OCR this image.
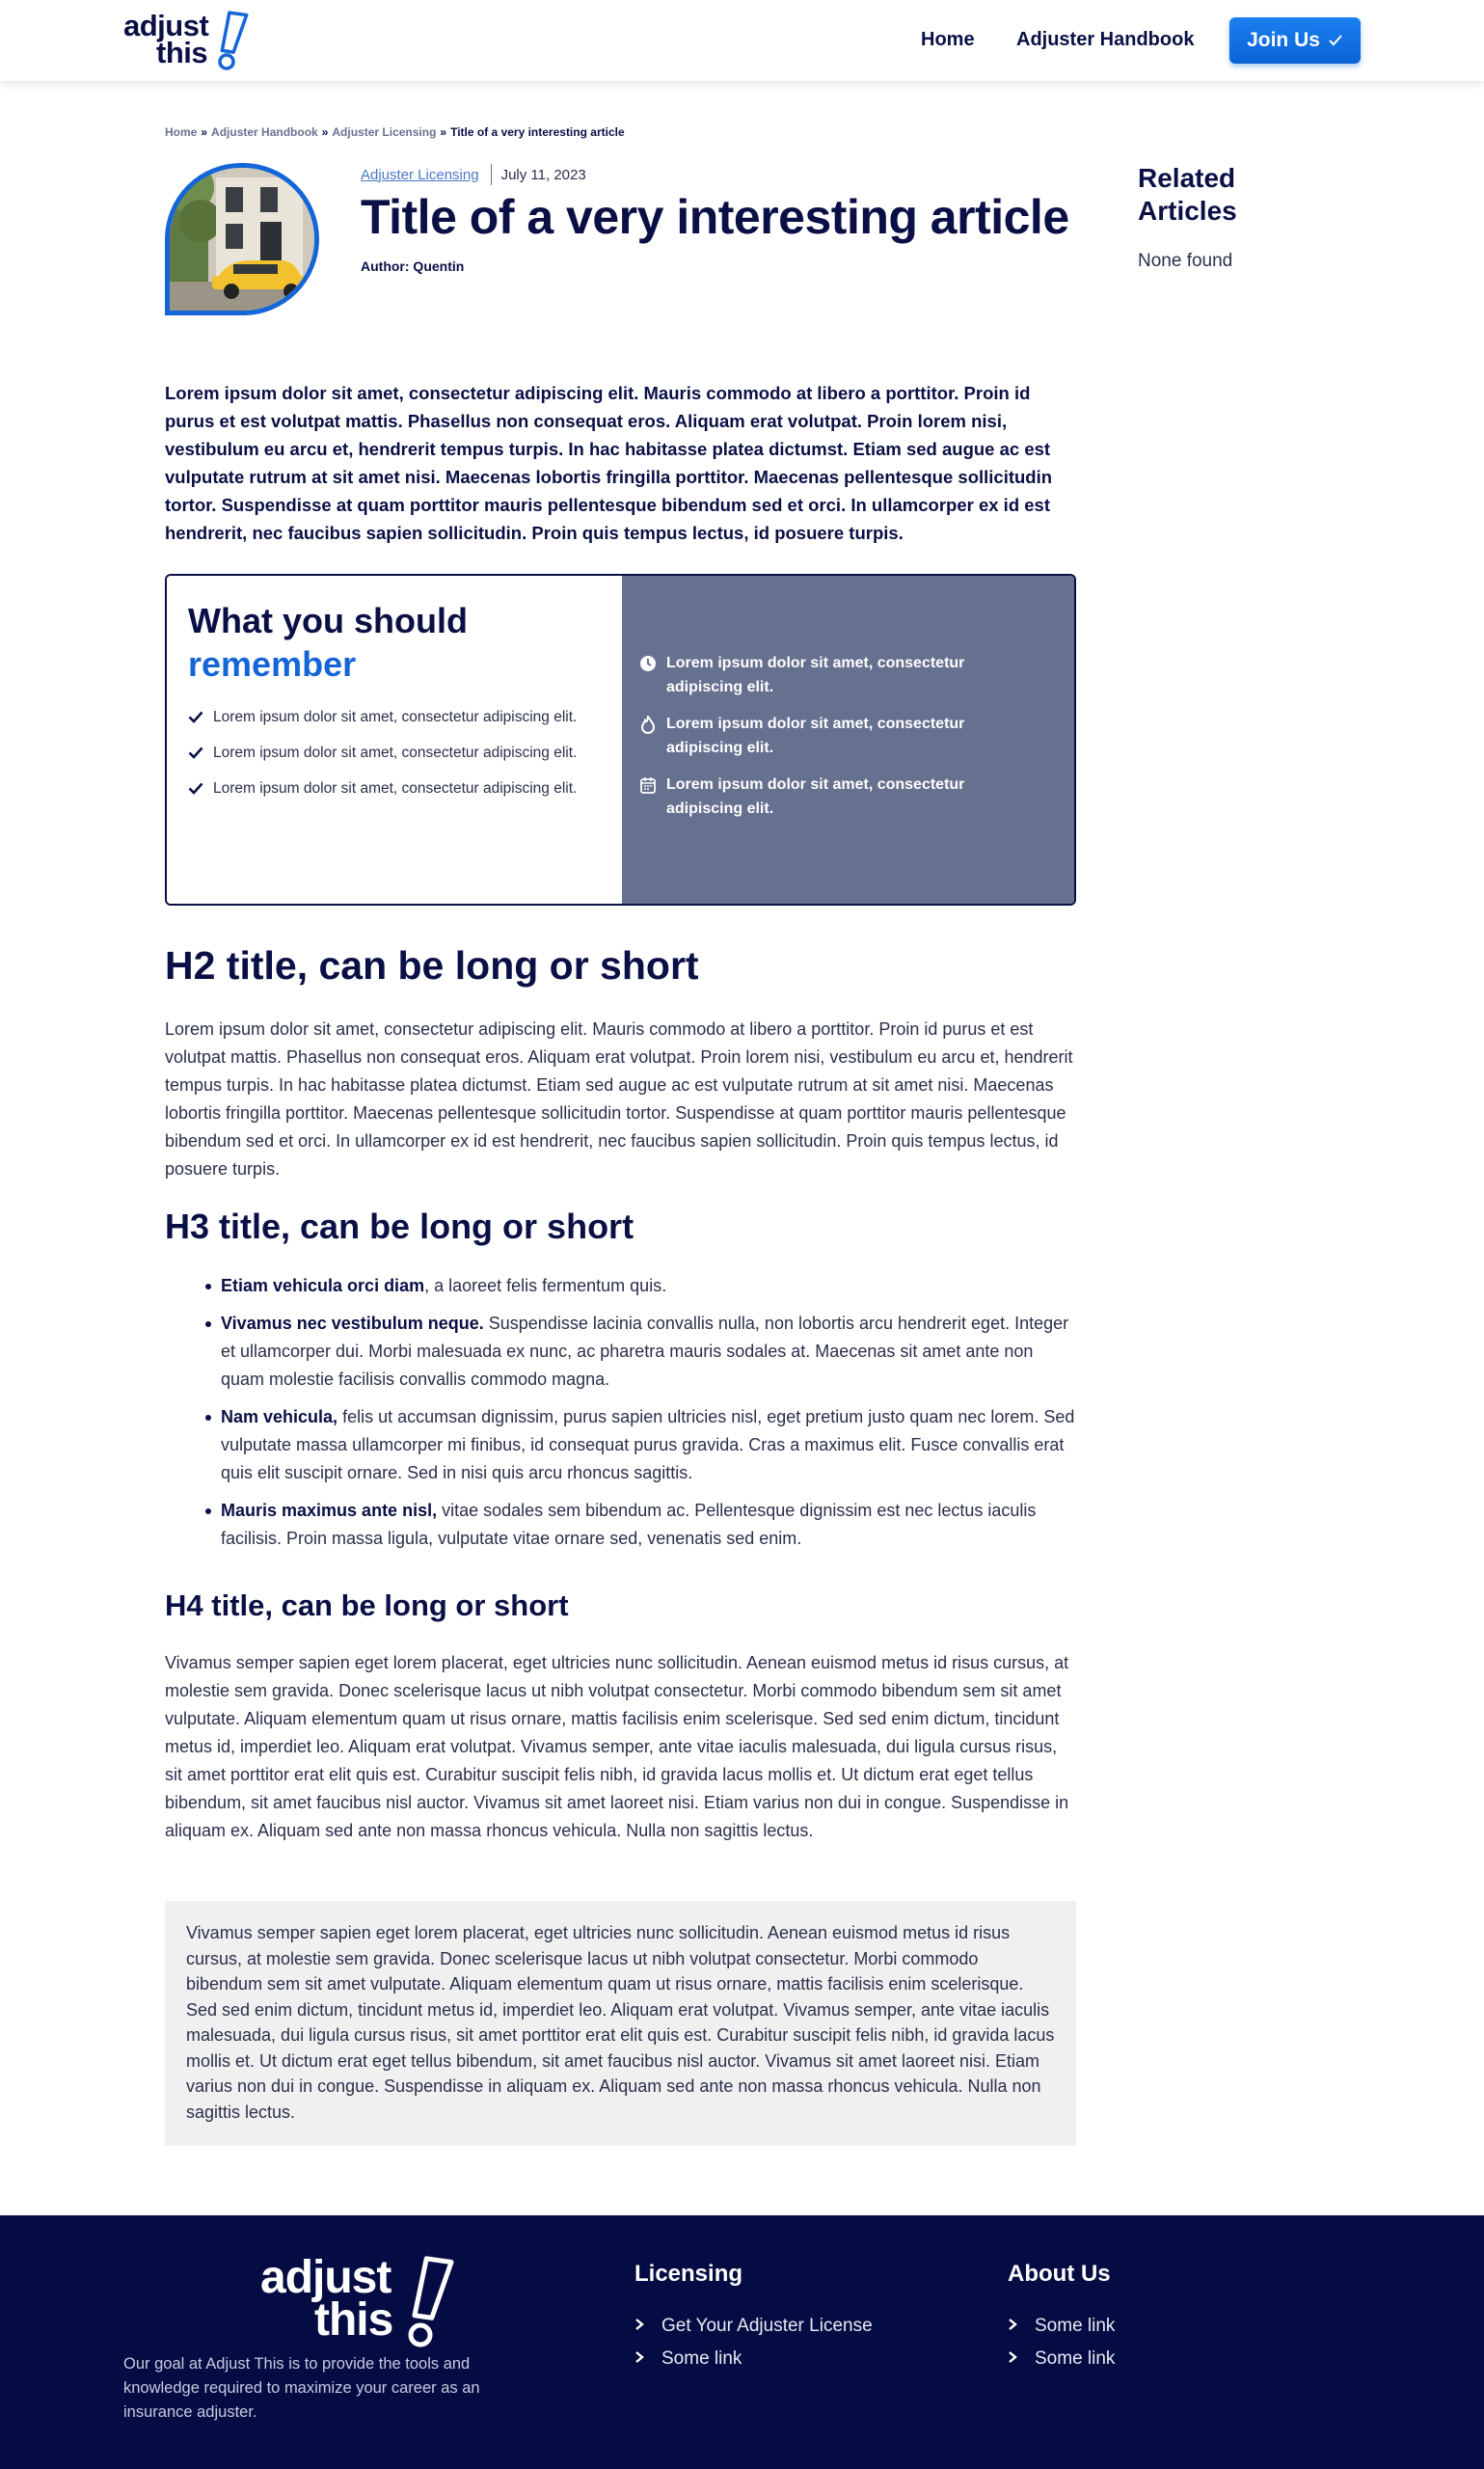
adjust
this	Home Adjuster Handbook	Join Us
Home » Adjuster Handbook » Adjuster Licensing » Title of a very interesting article
Adjuster Licensing July 11, 2023
Title of a very interesting article
Author: Quentin
Related Articles
None found

Lorem ipsum dolor sit amet, consectetur adipiscing elit. Mauris commodo at libero a porttitor. Proin id purus et est volutpat mattis. Phasellus non consequat eros. Aliquam erat volutpat. Proin lorem nisi, vestibulum eu arcu et, hendrerit tempus turpis. In hac habitasse platea dictumst. Etiam sed augue ac est vulputate rutrum at sit amet nisi. Maecenas lobortis fringilla porttitor. Maecenas pellentesque sollicitudin tortor. Suspendisse at quam porttitor mauris pellentesque bibendum sed et orci. In ullamcorper ex id est hendrerit, nec faucibus sapien sollicitudin. Proin quis tempus lectus, id posuere turpis.

What you should
remember
Lorem ipsum dolor sit amet, consectetur adipiscing elit.
Lorem ipsum dolor sit amet, consectetur adipiscing elit.
Lorem ipsum dolor sit amet, consectetur adipiscing elit.
Lorem ipsum dolor sit amet, consectetur adipiscing elit.
Lorem ipsum dolor sit amet, consectetur adipiscing elit.
Lorem ipsum dolor sit amet, consectetur adipiscing elit.
H2 title, can be long or short

Lorem ipsum dolor sit amet, consectetur adipiscing elit. Mauris commodo at libero a porttitor. Proin id purus et est volutpat mattis. Phasellus non consequat eros. Aliquam erat volutpat. Proin lorem nisi, vestibulum eu arcu et, hendrerit tempus turpis. In hac habitasse platea dictumst. Etiam sed augue ac est vulputate rutrum at sit amet nisi. Maecenas lobortis fringilla porttitor. Maecenas pellentesque sollicitudin tortor. Suspendisse at quam porttitor mauris pellentesque bibendum sed et orci. In ullamcorper ex id est hendrerit, nec faucibus sapien sollicitudin. Proin quis tempus lectus, id posuere turpis.

H3 title, can be long or short
Etiam vehicula orci diam, a laoreet felis fermentum quis.
Vivamus nec vestibulum neque. Suspendisse lacinia convallis nulla, non lobortis arcu hendrerit eget. Integer et ullamcorper dui. Morbi malesuada ex nunc, ac pharetra mauris sodales at. Maecenas sit amet ante non quam molestie facilisis convallis commodo magna.
Nam vehicula, felis ut accumsan dignissim, purus sapien ultricies nisl, eget pretium justo quam nec lorem. Sed vulputate massa ullamcorper mi finibus, id consequat purus gravida. Cras a maximus elit. Fusce convallis erat quis elit suscipit ornare. Sed in nisi quis arcu rhoncus sagittis.
Mauris maximus ante nisl, vitae sodales sem bibendum ac. Pellentesque dignissim est nec lectus iaculis facilisis. Proin massa ligula, vulputate vitae ornare sed, venenatis sed enim.
H4 title, can be long or short

Vivamus semper sapien eget lorem placerat, eget ultricies nunc sollicitudin. Aenean euismod metus id risus cursus, at molestie sem gravida. Donec scelerisque lacus ut nibh volutpat consectetur. Morbi commodo bibendum sem sit amet vulputate. Aliquam elementum quam ut risus ornare, mattis facilisis enim scelerisque. Sed sed enim dictum, tincidunt metus id, imperdiet leo. Aliquam erat volutpat. Vivamus semper, ante vitae iaculis malesuada, dui ligula cursus risus, sit amet porttitor erat elit quis est. Curabitur suscipit felis nibh, id gravida lacus mollis et. Ut dictum erat eget tellus bibendum, sit amet faucibus nisl auctor. Vivamus sit amet laoreet nisi. Etiam varius non dui in congue. Suspendisse in aliquam ex. Aliquam sed ante non massa rhoncus vehicula. Nulla non sagittis lectus.

Vivamus semper sapien eget lorem placerat, eget ultricies nunc sollicitudin. Aenean euismod metus id risus cursus, at molestie sem gravida. Donec scelerisque lacus ut nibh volutpat consectetur. Morbi commodo bibendum sem sit amet vulputate. Aliquam elementum quam ut risus ornare, mattis facilisis enim scelerisque. Sed sed enim dictum, tincidunt metus id, imperdiet leo. Aliquam erat volutpat. Vivamus semper, ante vitae iaculis malesuada, dui ligula cursus risus, sit amet porttitor erat elit quis est. Curabitur suscipit felis nibh, id gravida lacus mollis et. Ut dictum erat eget tellus bibendum, sit amet faucibus nisl auctor. Vivamus sit amet laoreet nisi. Etiam varius non dui in congue. Suspendisse in aliquam ex. Aliquam sed ante non massa rhoncus vehicula. Nulla non sagittis lectus.
adjust
this

Our goal at Adjust This is to provide the tools and knowledge required to maximize your career as an insurance adjuster.

Licensing
Get Your Adjuster License
Some link
About Us
Some link
Some link
